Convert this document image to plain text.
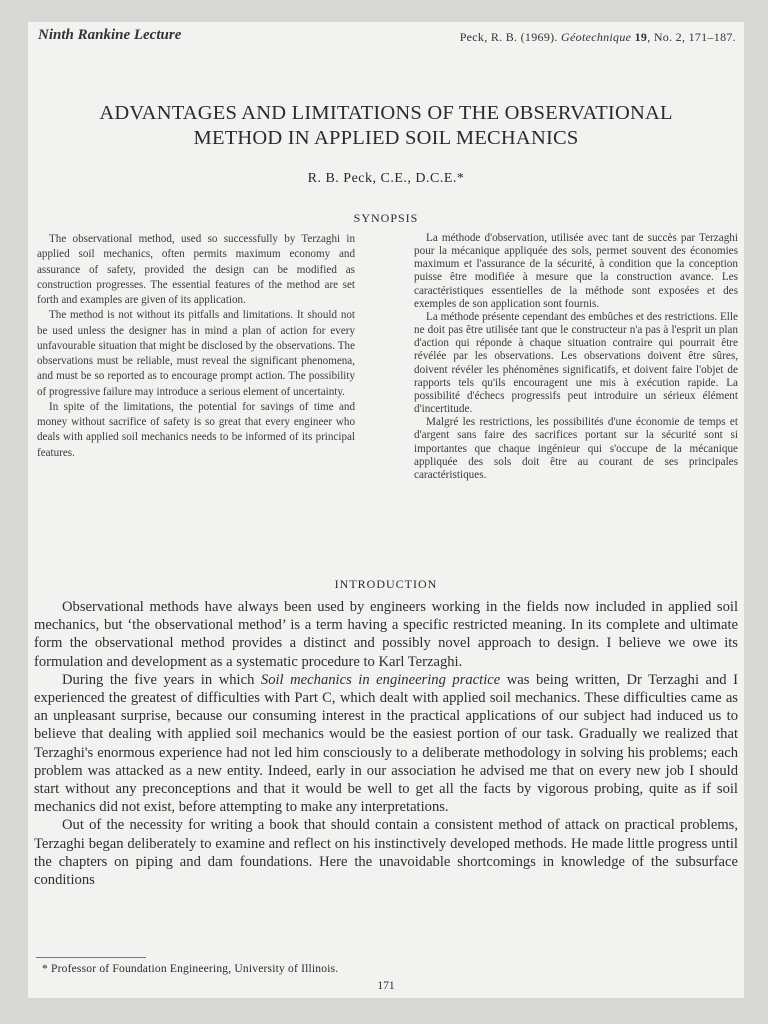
Ninth Rankine Lecture	Peck, R. B. (1969). Géotechnique 19, No. 2, 171–187.
ADVANTAGES AND LIMITATIONS OF THE OBSERVATIONAL
METHOD IN APPLIED SOIL MECHANICS
R. B. Peck, C.E., D.C.E.*
SYNOPSIS

The observational method, used so successfully by Terzaghi in applied soil mechanics, often permits maximum economy and assurance of safety, provided the design can be modified as construction progresses. The essential features of the method are set forth and examples are given of its application.

The method is not without its pitfalls and limitations. It should not be used unless the designer has in mind a plan of action for every unfavourable situation that might be disclosed by the observations. The observations must be reliable, must reveal the significant phenomena, and must be so reported as to encourage prompt action. The possibility of progressive failure may introduce a serious element of uncertainty.

In spite of the limitations, the potential for savings of time and money without sacrifice of safety is so great that every engineer who deals with applied soil mechanics needs to be informed of its principal features.

La méthode d'observation, utilisée avec tant de succès par Terzaghi pour la mécanique appliquée des sols, permet souvent des économies maximum et l'assurance de la sécurité, à condition que la conception puisse être modifiée à mesure que la construction avance. Les caractéristiques essentielles de la méthode sont exposées et des exemples de son application sont fournis.

La méthode présente cependant des embûches et des restrictions. Elle ne doit pas être utilisée tant que le constructeur n'a pas à l'esprit un plan d'action qui réponde à chaque situation contraire qui pourrait être révélée par les observations. Les observations doivent être sûres, doivent révéler les phénomènes significatifs, et doivent faire l'objet de rapports tels qu'ils encouragent une mis à exécution rapide. La possibilité d'échecs progressifs peut introduire un sérieux élément d'incertitude.

Malgré les restrictions, les possibilités d'une économie de temps et d'argent sans faire des sacrifices portant sur la sécurité sont si importantes que chaque ingénieur qui s'occupe de la mécanique appliquée des sols doit être au courant de ses principales caractéristiques.

INTRODUCTION

Observational methods have always been used by engineers working in the fields now included in applied soil mechanics, but ‘the observational method’ is a term having a specific restricted meaning. In its complete and ultimate form the observational method provides a distinct and possibly novel approach to design. I believe we owe its formulation and development as a systematic procedure to Karl Terzaghi.

During the five years in which Soil mechanics in engineering practice was being written, Dr Terzaghi and I experienced the greatest of difficulties with Part C, which dealt with applied soil mechanics. These difficulties came as an unpleasant surprise, because our consuming interest in the practical applications of our subject had induced us to believe that dealing with applied soil mechanics would be the easiest portion of our task. Gradually we realized that Terzaghi's enormous experience had not led him consciously to a deliberate methodology in solving his problems; each problem was attacked as a new entity. Indeed, early in our association he advised me that on every new job I should start without any preconceptions and that it would be well to get all the facts by vigorous probing, quite as if soil mechanics did not exist, before attempting to make any interpretations.

Out of the necessity for writing a book that should contain a consistent method of attack on practical problems, Terzaghi began deliberately to examine and reflect on his instinctively developed methods. He made little progress until the chapters on piping and dam foundations. Here the unavoidable shortcomings in knowledge of the subsurface conditions

* Professor of Foundation Engineering, University of Illinois.
171
